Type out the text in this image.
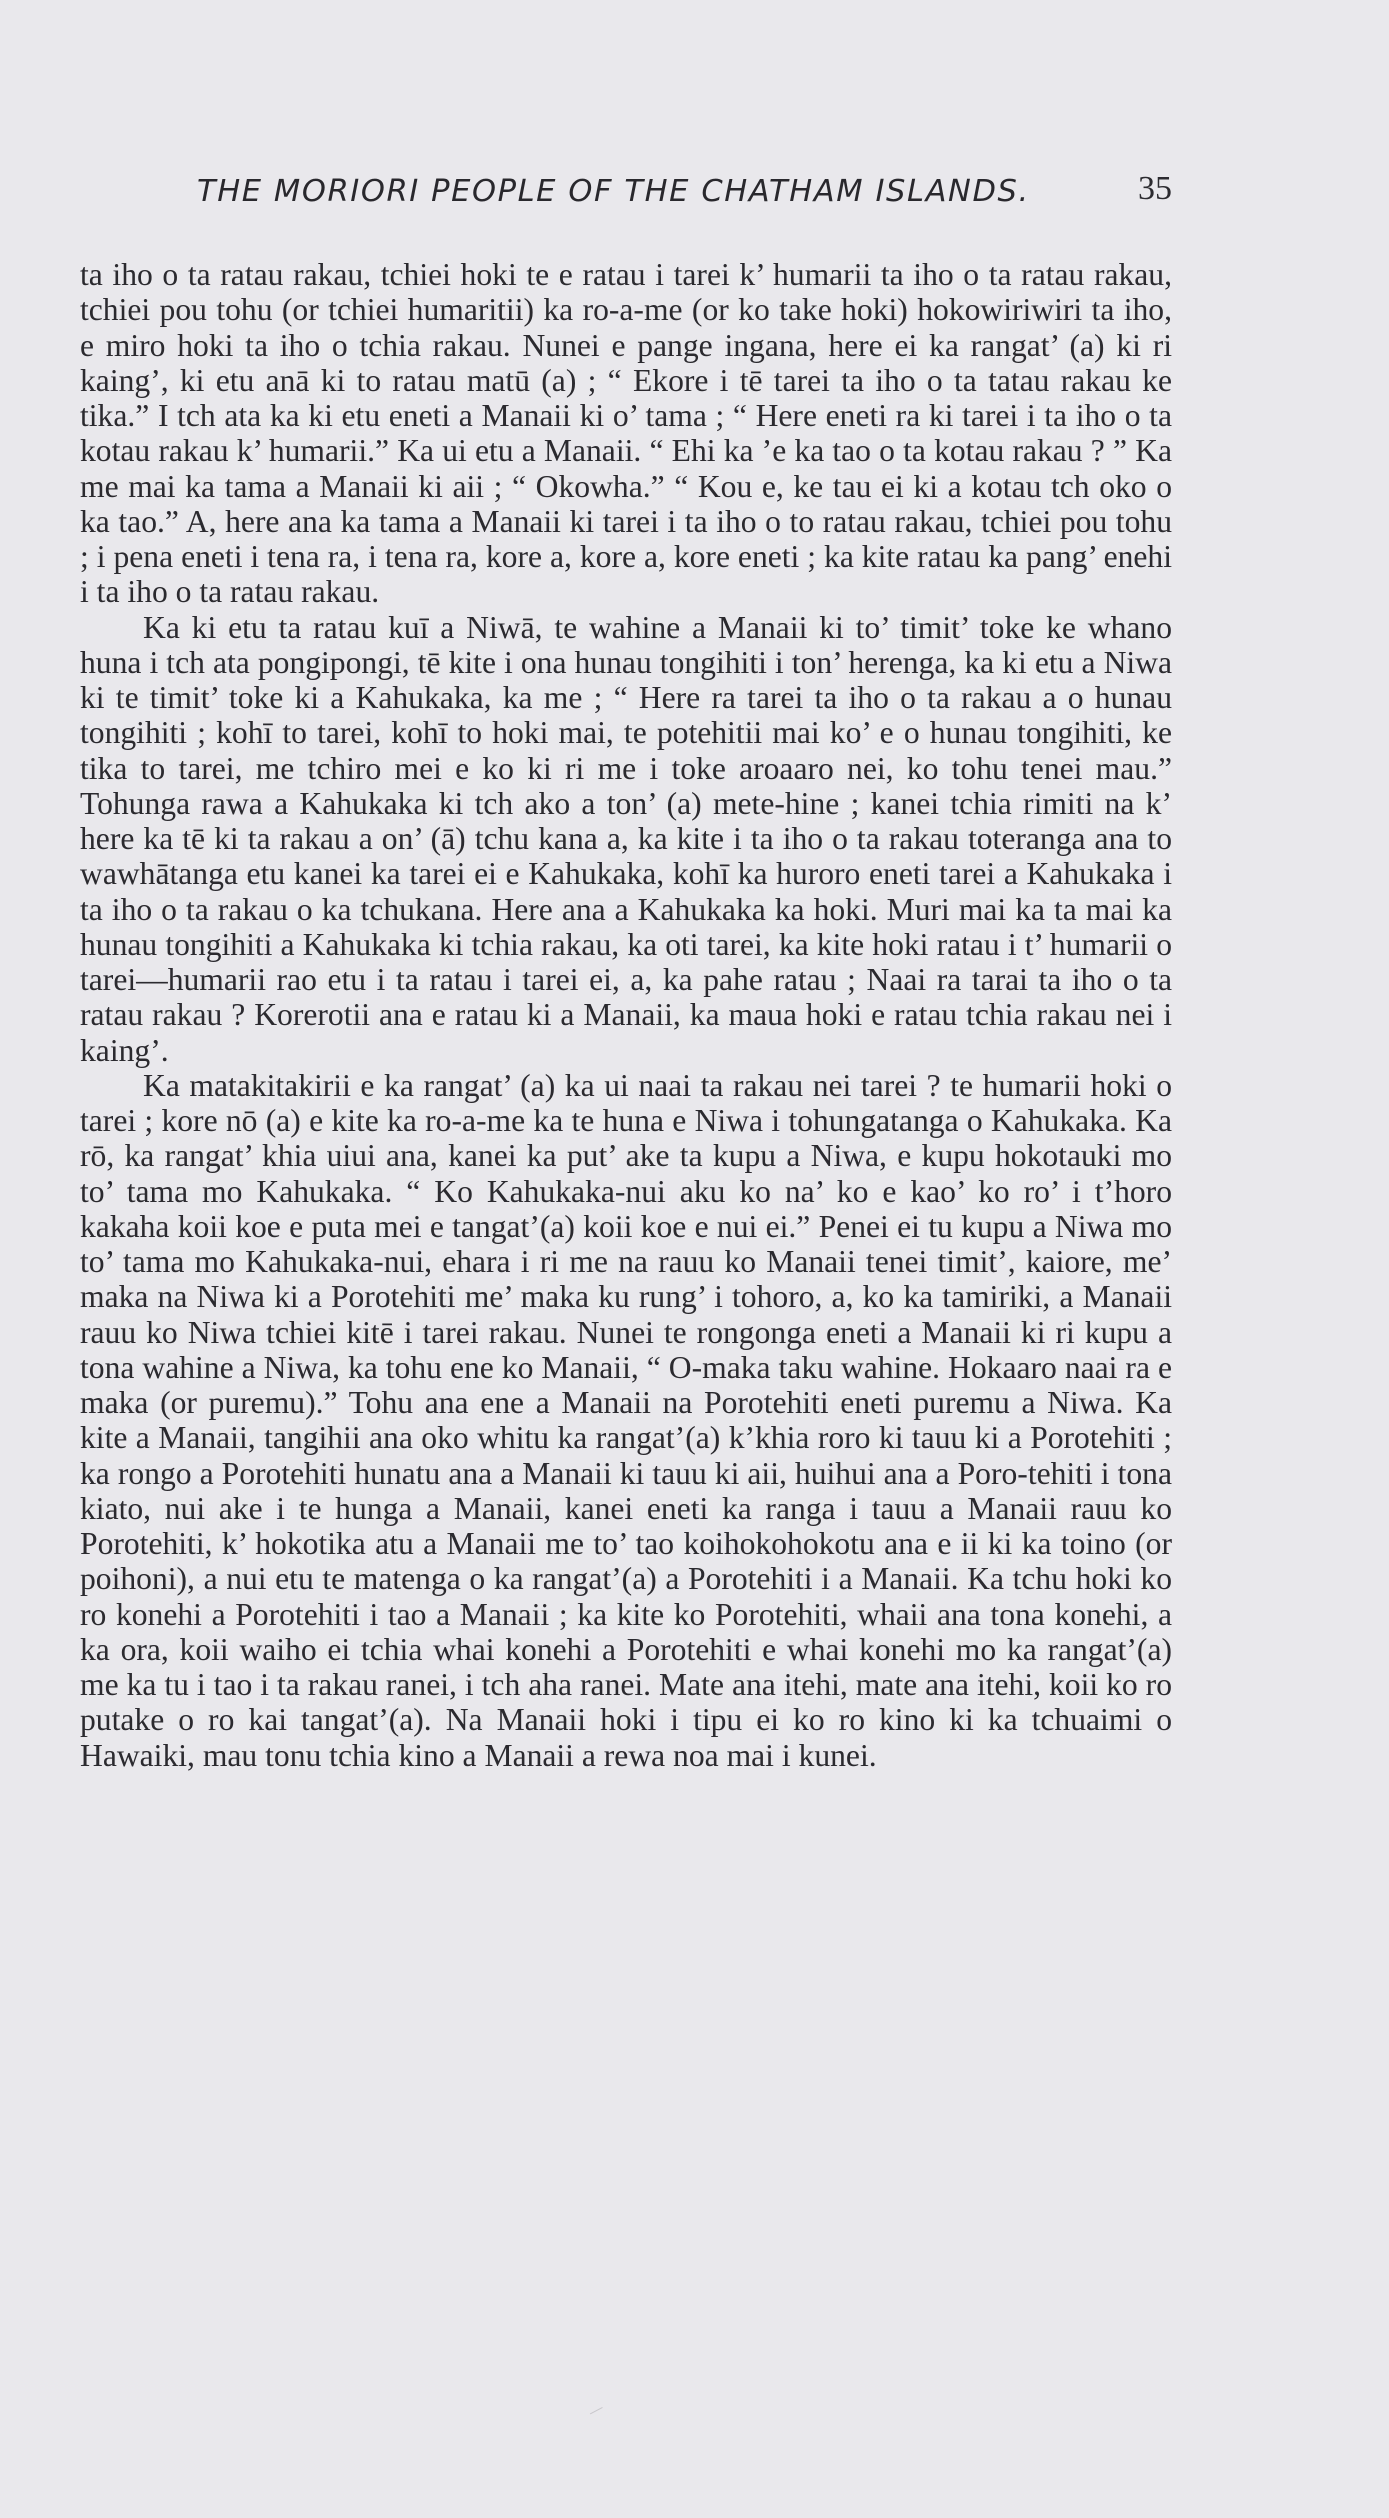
THE MORIORI PEOPLE OF THE CHATHAM ISLANDS.	35

ta iho o ta ratau rakau, tchiei hoki te e ratau i tarei k’ humarii ta iho o ta ratau rakau, tchiei pou tohu (or tchiei humaritii) ka ro-a-me (or ko take hoki) hokowiriwiri ta iho, e miro hoki ta iho o tchia rakau. Nunei e pange ingana, here ei ka rangat’ (a) ki ri kaing’, ki etu anā ki to ratau matū (a) ; “ Ekore i tē tarei ta iho o ta tatau rakau ke tika.” I tch ata ka ki etu eneti a Manaii ki o’ tama ; “ Here eneti ra ki tarei i ta iho o ta kotau rakau k’ humarii.” Ka ui etu a Manaii. “ Ehi ka ’e ka tao o ta kotau rakau ? ” Ka me mai ka tama a Manaii ki aii ; “ Okowha.” “ Kou e, ke tau ei ki a kotau tch oko o ka tao.” A, here ana ka tama a Manaii ki tarei i ta iho o to ratau rakau, tchiei pou tohu ; i pena eneti i tena ra, i tena ra, kore a, kore a, kore eneti ; ka kite ratau ka pang’ enehi i ta iho o ta ratau rakau.

Ka ki etu ta ratau kuī a Niwā, te wahine a Manaii ki to’ timit’ toke ke whano huna i tch ata pongipongi, tē kite i ona hunau tongihiti i ton’ herenga, ka ki etu a Niwa ki te timit’ toke ki a Kahukaka, ka me ; “ Here ra tarei ta iho o ta rakau a o hunau tongihiti ; kohī to tarei, kohī to hoki mai, te potehitii mai ko’ e o hunau tongihiti, ke tika to tarei, me tchiro mei e ko ki ri me i toke aroaaro nei, ko tohu tenei mau.” Tohunga rawa a Kahukaka ki tch ako a ton’ (a) mete-hine ; kanei tchia rimiti na k’ here ka tē ki ta rakau a on’ (ā) tchu kana a, ka kite i ta iho o ta rakau toteranga ana to wawhātanga etu kanei ka tarei ei e Kahukaka, kohī ka huroro eneti tarei a Kahukaka i ta iho o ta rakau o ka tchukana. Here ana a Kahukaka ka hoki. Muri mai ka ta mai ka hunau tongihiti a Kahukaka ki tchia rakau, ka oti tarei, ka kite hoki ratau i t’ humarii o tarei—humarii rao etu i ta ratau i tarei ei, a, ka pahe ratau ; Naai ra tarai ta iho o ta ratau rakau ? Korerotii ana e ratau ki a Manaii, ka maua hoki e ratau tchia rakau nei i kaing’.

Ka matakitakirii e ka rangat’ (a) ka ui naai ta rakau nei tarei ? te humarii hoki o tarei ; kore nō (a) e kite ka ro-a-me ka te huna e Niwa i tohungatanga o Kahukaka. Ka rō, ka rangat’ khia uiui ana, kanei ka put’ ake ta kupu a Niwa, e kupu hokotauki mo to’ tama mo Kahukaka. “ Ko Kahukaka-nui aku ko na’ ko e kao’ ko ro’ i t’horo kakaha koii koe e puta mei e tangat’(a) koii koe e nui ei.” Penei ei tu kupu a Niwa mo to’ tama mo Kahukaka-nui, ehara i ri me na rauu ko Manaii tenei timit’, kaiore, me’ maka na Niwa ki a Porotehiti me’ maka ku rung’ i tohoro, a, ko ka tamiriki, a Manaii rauu ko Niwa tchiei kitē i tarei rakau. Nunei te rongonga eneti a Manaii ki ri kupu a tona wahine a Niwa, ka tohu ene ko Manaii, “ O-maka taku wahine. Hokaaro naai ra e maka (or puremu).” Tohu ana ene a Manaii na Porotehiti eneti puremu a Niwa. Ka kite a Manaii, tangihii ana oko whitu ka rangat’(a) k’khia roro ki tauu ki a Porotehiti ; ka rongo a Porotehiti hunatu ana a Manaii ki tauu ki aii, huihui ana a Poro-tehiti i tona kiato, nui ake i te hunga a Manaii, kanei eneti ka ranga i tauu a Manaii rauu ko Porotehiti, k’ hokotika atu a Manaii me to’ tao koihokohokotu ana e ii ki ka toino (or poihoni), a nui etu te matenga o ka rangat’(a) a Porotehiti i a Manaii. Ka tchu hoki ko ro konehi a Porotehiti i tao a Manaii ; ka kite ko Porotehiti, whaii ana tona konehi, a ka ora, koii waiho ei tchia whai konehi a Porotehiti e whai konehi mo ka rangat’(a) me ka tu i tao i ta rakau ranei, i tch aha ranei. Mate ana itehi, mate ana itehi, koii ko ro putake o ro kai tangat’(a). Na Manaii hoki i tipu ei ko ro kino ki ka tchuaimi o Hawaiki, mau tonu tchia kino a Manaii a rewa noa mai i kunei.
